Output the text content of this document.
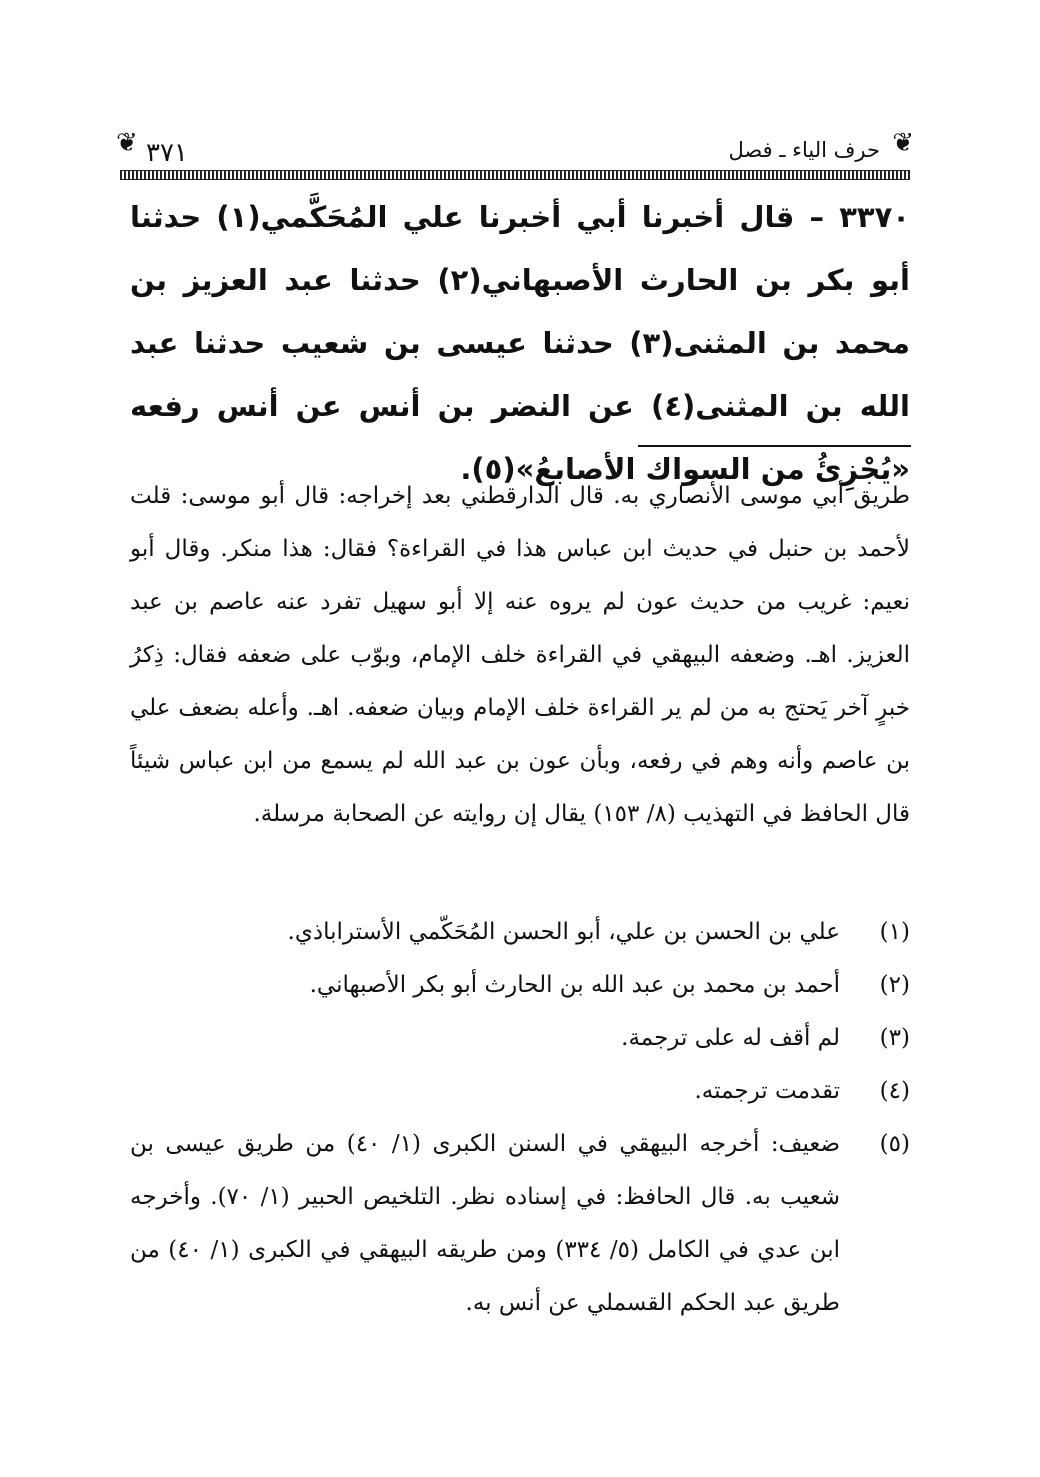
❦ ٣٧١	حرف الياء ـ فصل ❦

٣٣٧٠ – قال أخبرنا أبي أخبرنا علي المُحَكَّمي(١) حدثنا أبو بكر بن الحارث الأصبهاني(٢) حدثنا عبد العزيز بن محمد بن المثنى(٣) حدثنا عيسى بن شعيب حدثنا عبد الله بن المثنى(٤) عن النضر بن أنس عن أنس رفعه «يُجْزِئُ من السواك الأصابعُ»(٥).

طريق أبي موسى الأنصاري به. قال الدارقطني بعد إخراجه: قال أبو موسى: قلت لأحمد بن حنبل في حديث ابن عباس هذا في القراءة؟ فقال: هذا منكر. وقال أبو نعيم: غريب من حديث عون لم يروه عنه إلا أبو سهيل تفرد عنه عاصم بن عبد العزيز. اهـ. وضعفه البيهقي في القراءة خلف الإمام، وبوّب على ضعفه فقال: ذِكرُ خبرٍ آخر يَحتج به من لم ير القراءة خلف الإمام وبيان ضعفه. اهـ. وأعله بضعف علي بن عاصم وأنه وهم في رفعه، وبأن عون بن عبد الله لم يسمع من ابن عباس شيئاً قال الحافظ في التهذيب (٨/ ١٥٣) يقال إن روايته عن الصحابة مرسلة.

(١)
علي بن الحسن بن علي، أبو الحسن المُحَكّمي الأستراباذي.
(٢)
أحمد بن محمد بن عبد الله بن الحارث أبو بكر الأصبهاني.
(٣)
لم أقف له على ترجمة.
(٤)
تقدمت ترجمته.
(٥)
ضعيف: أخرجه البيهقي في السنن الكبرى (١/ ٤٠) من طريق عيسى بن شعيب به. قال الحافظ: في إسناده نظر. التلخيص الحبير (١/ ٧٠). وأخرجه ابن عدي في الكامل (٥/ ٣٣٤) ومن طريقه البيهقي في الكبرى (١/ ٤٠) من طريق عبد الحكم القسملي عن أنس به.
